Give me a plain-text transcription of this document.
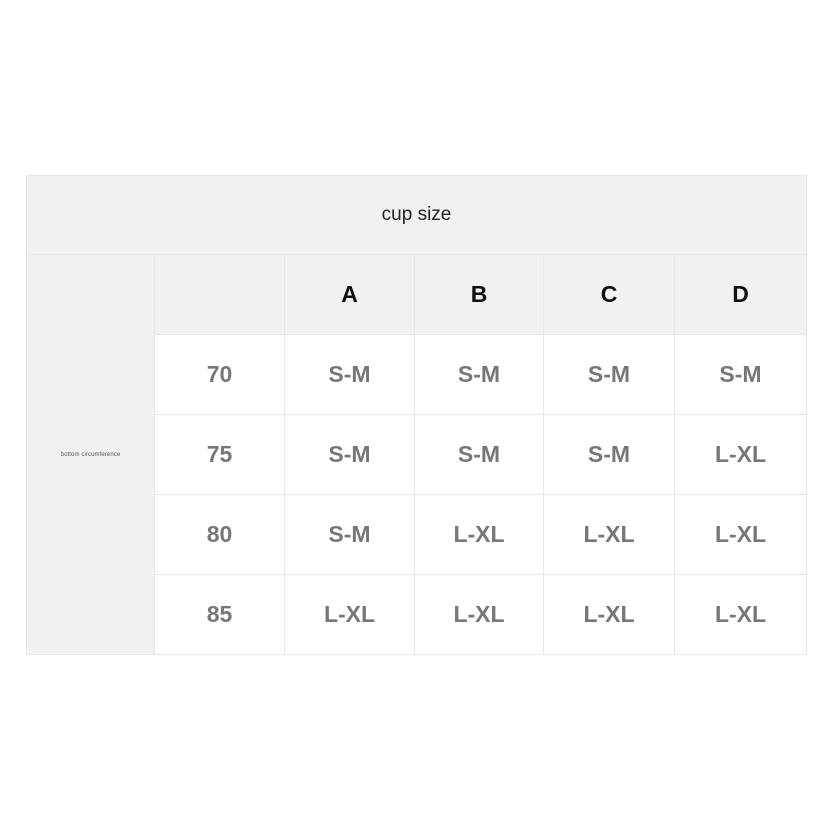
cup size					
bottom circumference		A	B	C	D
	70	S-M	S-M	S-M	S-M
	75	S-M	S-M	S-M	L-XL
	80	S-M	L-XL	L-XL	L-XL
	85	L-XL	L-XL	L-XL	L-XL
